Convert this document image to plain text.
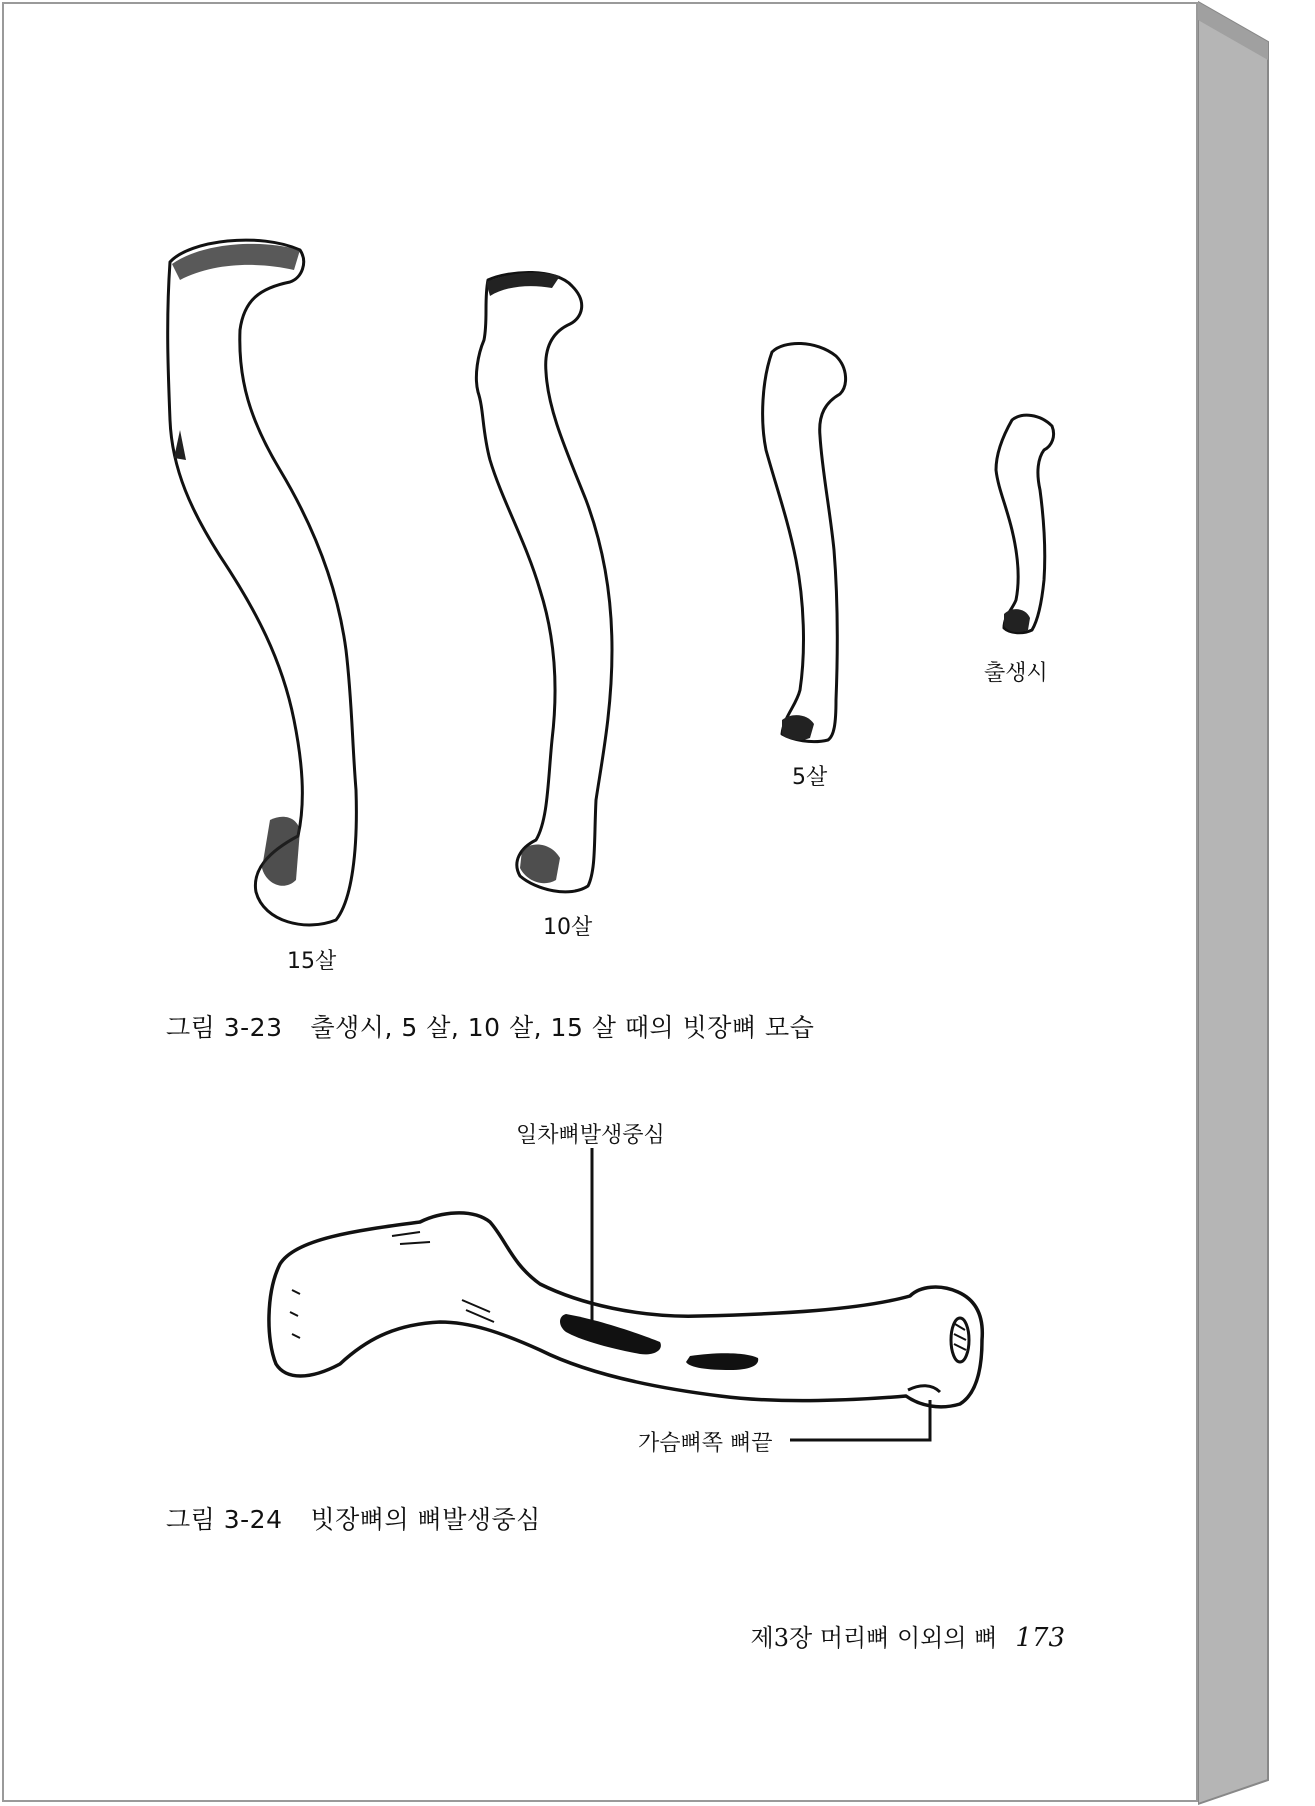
15살
10살
5살
출생시
그림 3-23 출생시, 5 살, 10 살, 15 살 때의 빗장뼈 모습
일차뼈발생중심
가슴뼈쪽 뼈끝
그림 3-24 빗장뼈의 뼈발생중심
제3장 머리뼈 이외의 뼈 173
